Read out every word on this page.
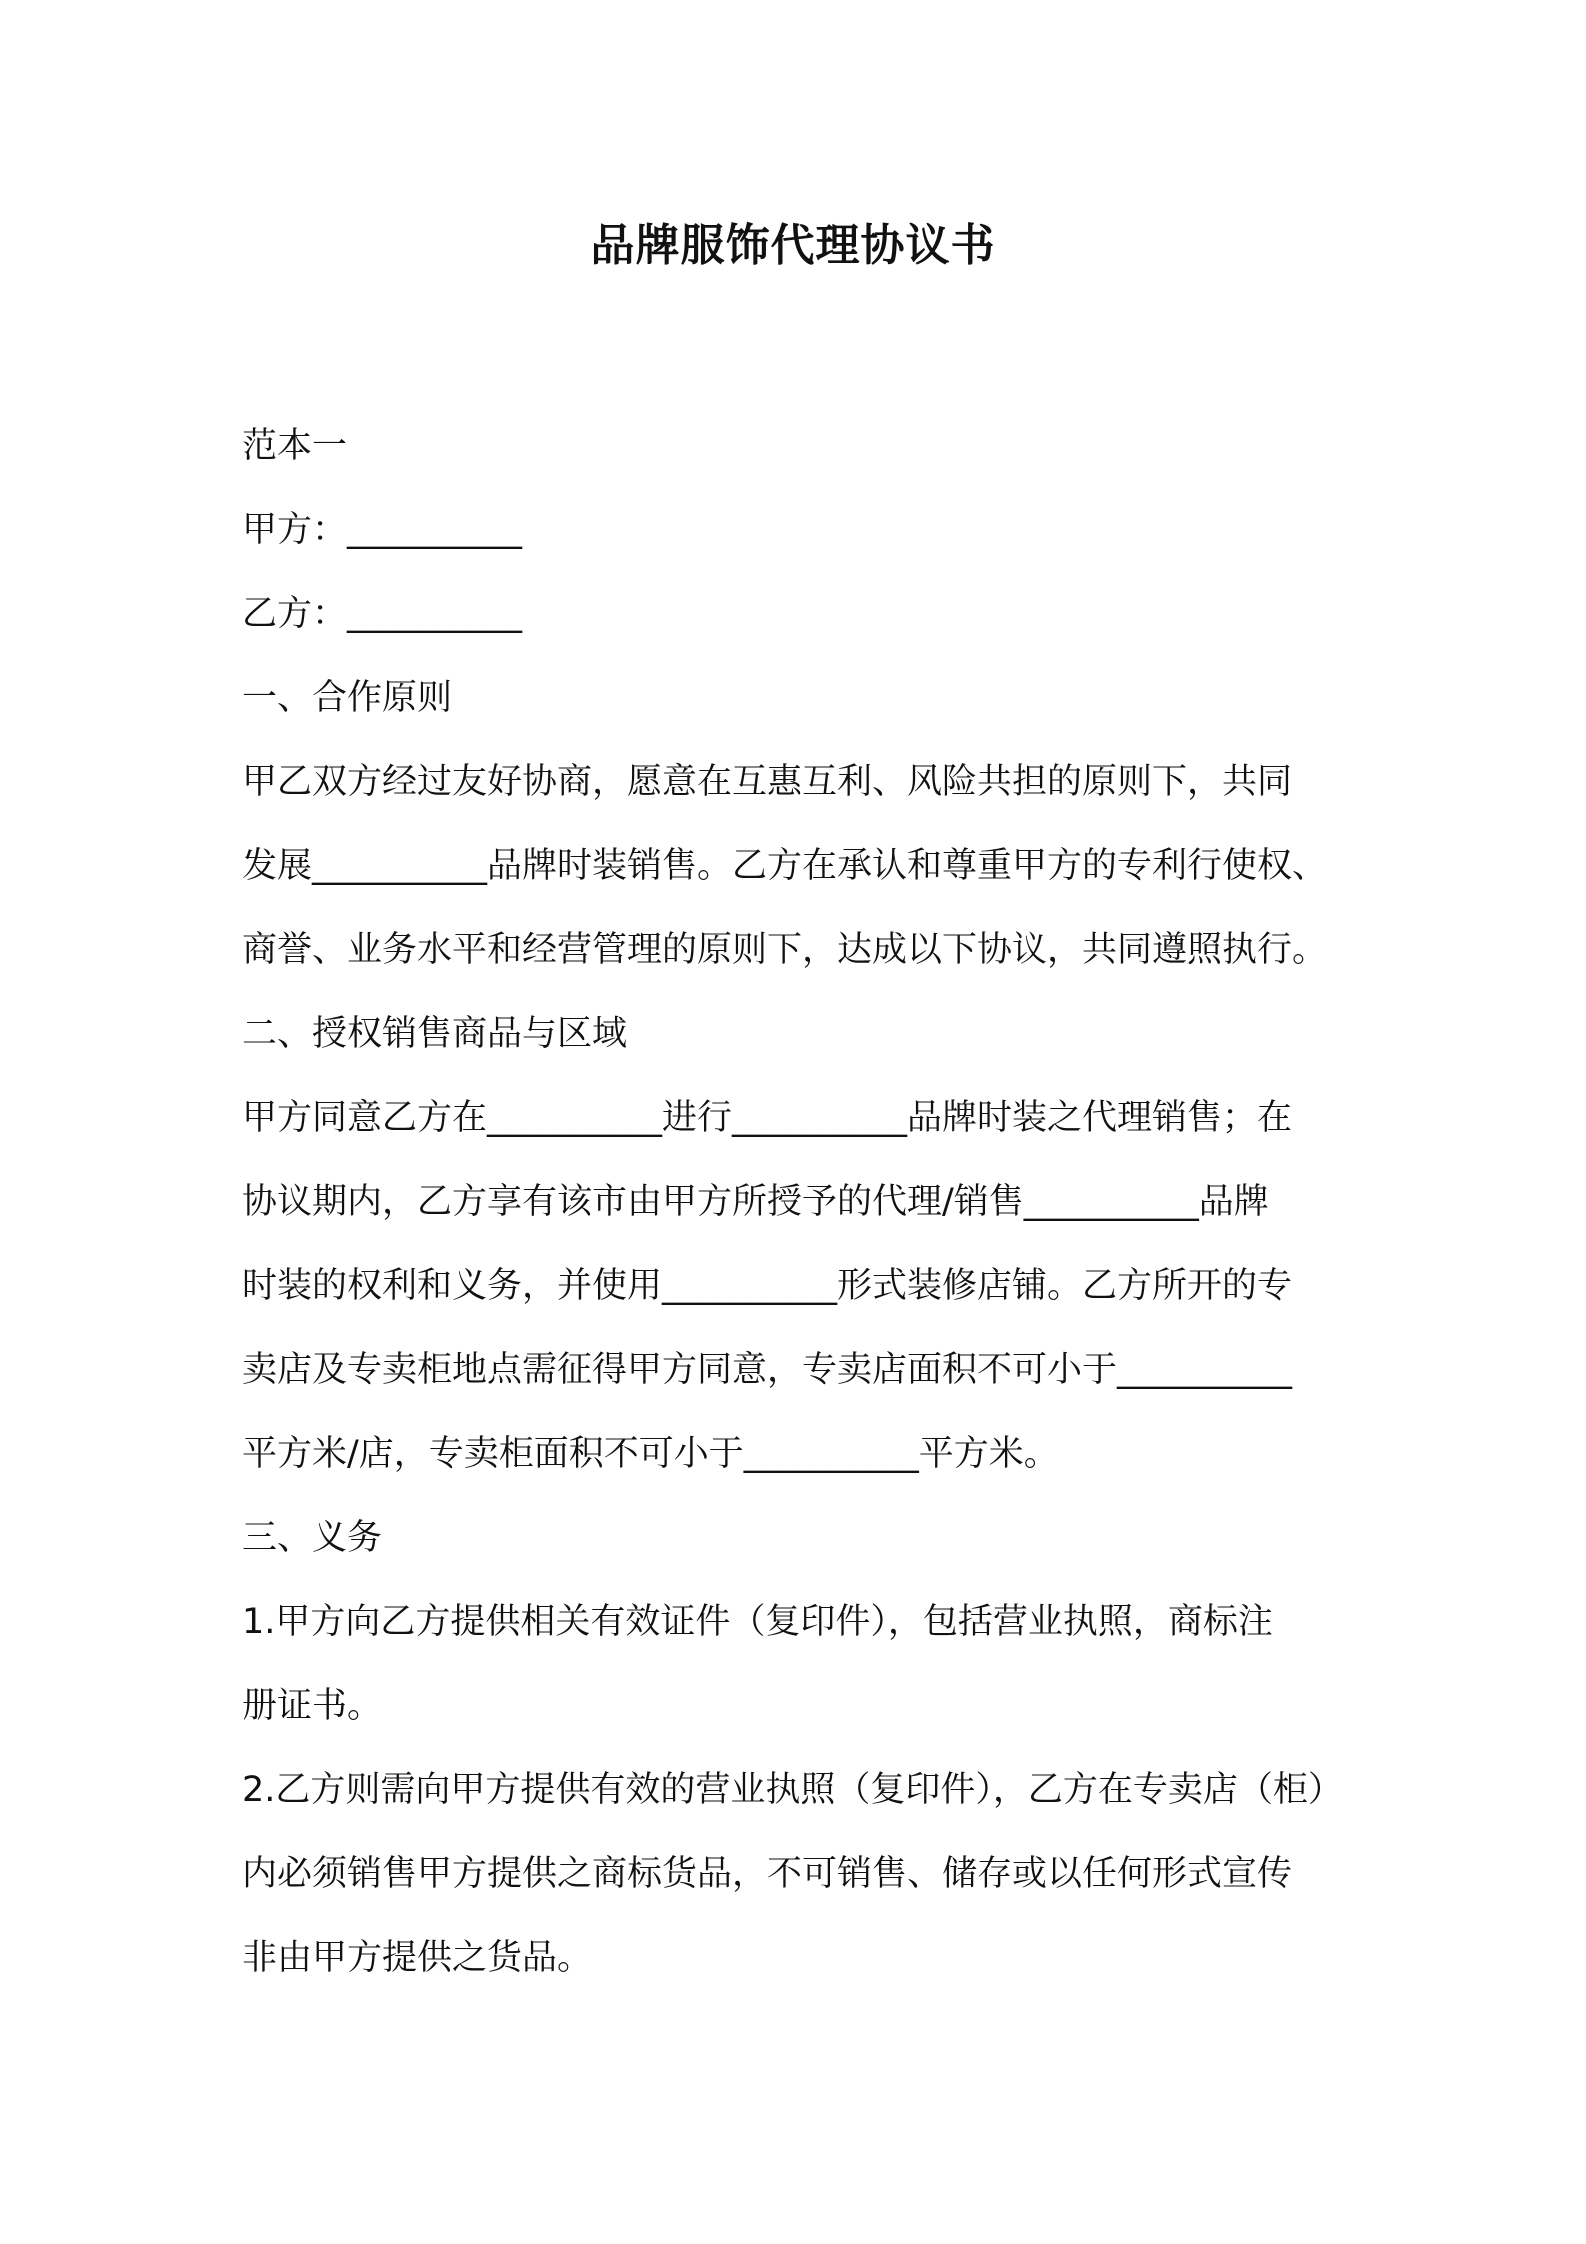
品牌服饰代理协议书

范本一

甲方：__________

乙方：__________

一、合作原则

甲乙双方经过友好协商，愿意在互惠互利、风险共担的原则下，共同

发展__________品牌时装销售。乙方在承认和尊重甲方的专利行使权、

商誉、业务水平和经营管理的原则下，达成以下协议，共同遵照执行。

二、授权销售商品与区域

甲方同意乙方在__________进行__________品牌时装之代理销售；在

协议期内，乙方享有该市由甲方所授予的代理/销售__________品牌

时装的权利和义务，并使用__________形式装修店铺。乙方所开的专

卖店及专卖柜地点需征得甲方同意，专卖店面积不可小于__________

平方米/店，专卖柜面积不可小于__________平方米。

三、义务

1.甲方向乙方提供相关有效证件（复印件），包括营业执照，商标注

册证书。

2.乙方则需向甲方提供有效的营业执照（复印件），乙方在专卖店（柜）

内必须销售甲方提供之商标货品，不可销售、储存或以任何形式宣传

非由甲方提供之货品。
